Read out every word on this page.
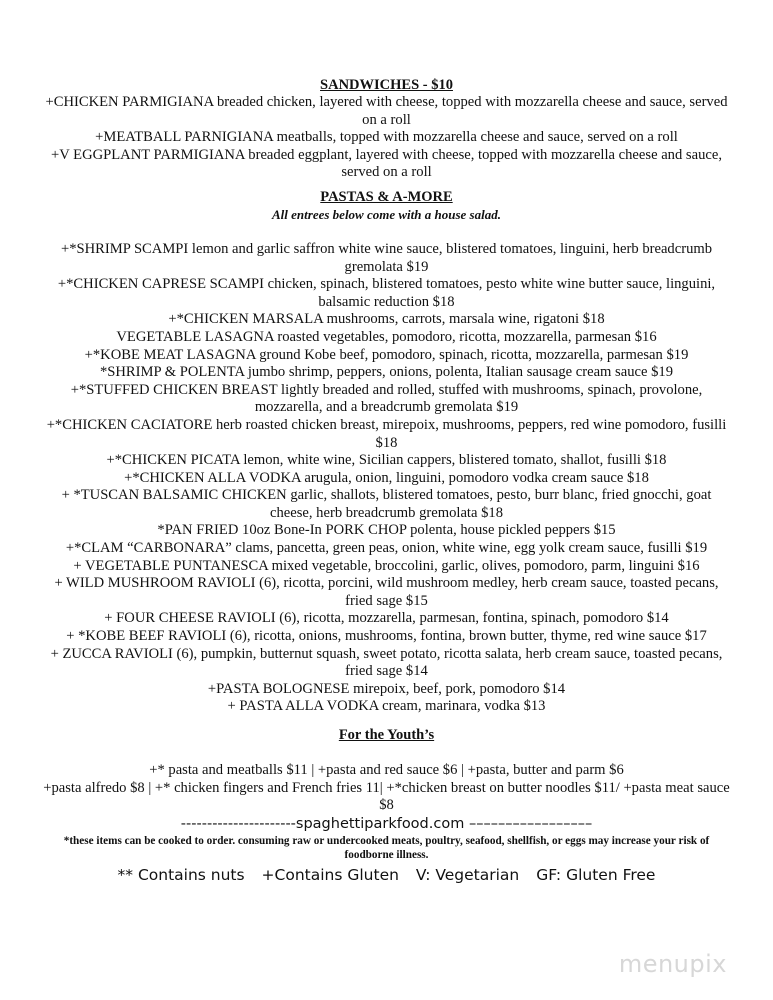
SANDWICHES - $10

+CHICKEN PARMIGIANA breaded chicken, layered with cheese, topped with mozzarella cheese and sauce, served on a roll

+MEATBALL PARNIGIANA meatballs, topped with mozzarella cheese and sauce, served on a roll

+V EGGPLANT PARMIGIANA breaded eggplant, layered with cheese, topped with mozzarella cheese and sauce, served on a roll

PASTAS & A-MORE

All entrees below come with a house salad.

+*SHRIMP SCAMPI lemon and garlic saffron white wine sauce, blistered tomatoes, linguini, herb breadcrumb gremolata $19

+*CHICKEN CAPRESE SCAMPI chicken, spinach, blistered tomatoes, pesto white wine butter sauce, linguini, balsamic reduction $18

+*CHICKEN MARSALA mushrooms, carrots, marsala wine, rigatoni $18

VEGETABLE LASAGNA roasted vegetables, pomodoro, ricotta, mozzarella, parmesan $16

+*KOBE MEAT LASAGNA ground Kobe beef, pomodoro, spinach, ricotta, mozzarella, parmesan $19

*SHRIMP & POLENTA jumbo shrimp, peppers, onions, polenta, Italian sausage cream sauce $19

+*STUFFED CHICKEN BREAST lightly breaded and rolled, stuffed with mushrooms, spinach, provolone, mozzarella, and a breadcrumb gremolata $19

+*CHICKEN CACIATORE herb roasted chicken breast, mirepoix, mushrooms, peppers, red wine pomodoro, fusilli $18

+*CHICKEN PICATA lemon, white wine, Sicilian cappers, blistered tomato, shallot, fusilli $18

+*CHICKEN ALLA VODKA arugula, onion, linguini, pomodoro vodka cream sauce $18

+ *TUSCAN BALSAMIC CHICKEN garlic, shallots, blistered tomatoes, pesto, burr blanc, fried gnocchi, goat cheese, herb breadcrumb gremolata $18

*PAN FRIED 10oz Bone-In PORK CHOP polenta, house pickled peppers $15

+*CLAM “CARBONARA” clams, pancetta, green peas, onion, white wine, egg yolk cream sauce, fusilli $19

+ VEGETABLE PUNTANESCA mixed vegetable, broccolini, garlic, olives, pomodoro, parm, linguini $16

+ WILD MUSHROOM RAVIOLI (6), ricotta, porcini, wild mushroom medley, herb cream sauce, toasted pecans, fried sage $15

+ FOUR CHEESE RAVIOLI (6), ricotta, mozzarella, parmesan, fontina, spinach, pomodoro $14

+ *KOBE BEEF RAVIOLI (6), ricotta, onions, mushrooms, fontina, brown butter, thyme, red wine sauce $17

+ ZUCCA RAVIOLI (6), pumpkin, butternut squash, sweet potato, ricotta salata, herb cream sauce, toasted pecans, fried sage $14

+PASTA BOLOGNESE mirepoix, beef, pork, pomodoro $14

+ PASTA ALLA VODKA cream, marinara, vodka $13

For the Youth’s

+* pasta and meatballs $11 | +pasta and red sauce $6 | +pasta, butter and parm $6

+pasta alfredo $8 | +* chicken fingers and French fries 11| +*chicken breast on butter noodles $11/ +pasta meat sauce $8

----------------------spaghettiparkfood.com –––––––––––––––––

*these items can be cooked to order. consuming raw or undercooked meats, poultry, seafood, shellfish, or eggs may increase your risk of foodborne illness.

** Contains nuts +Contains Gluten V: Vegetarian GF: Gluten Free

menupix
